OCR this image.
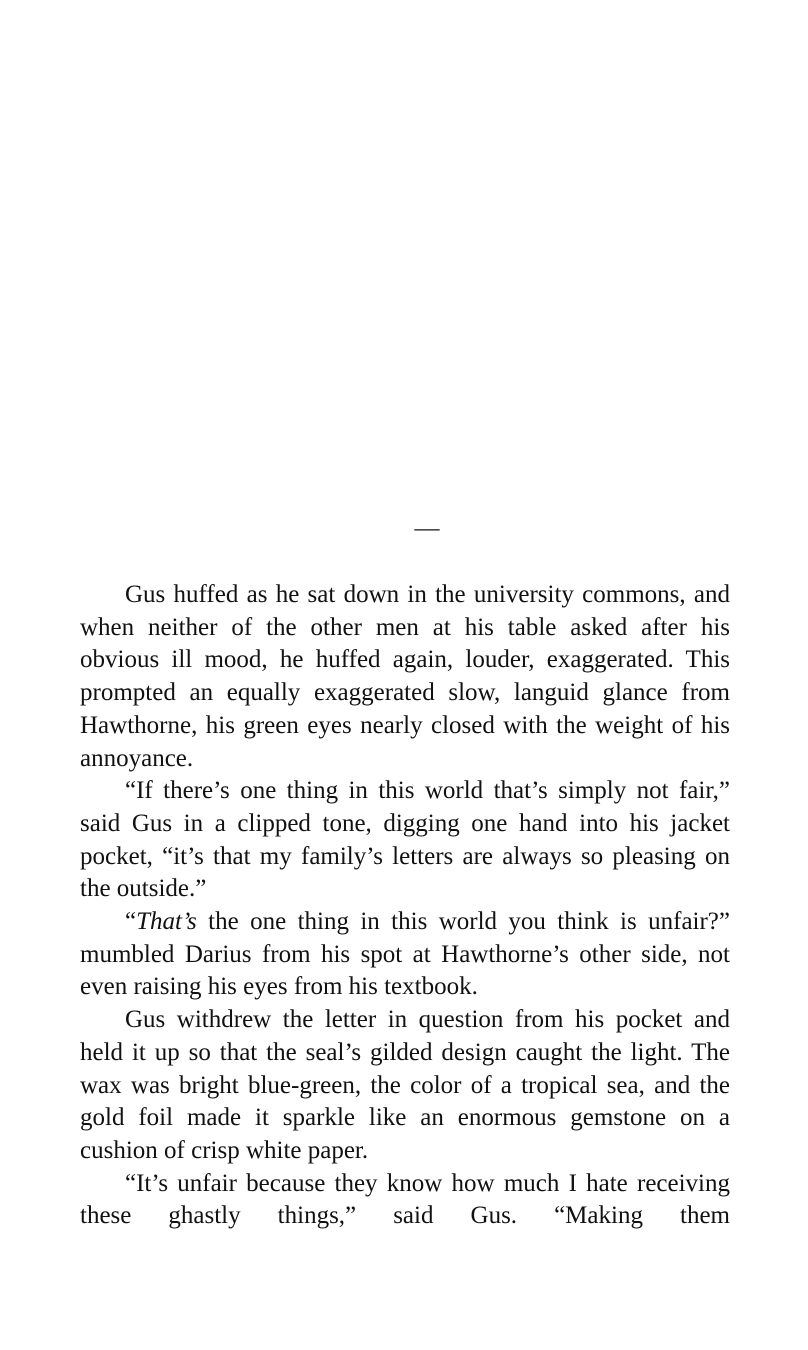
—

Gus huffed as he sat down in the university commons, and when neither of the other men at his table asked after his obvious ill mood, he huffed again, louder, exaggerated. This prompted an equally exaggerated slow, languid glance from Hawthorne, his green eyes nearly closed with the weight of his annoyance.

“If there’s one thing in this world that’s simply not fair,” said Gus in a clipped tone, digging one hand into his jacket pocket, “it’s that my family’s letters are always so pleasing on the outside.”

“That’s the one thing in this world you think is unfair?” mumbled Darius from his spot at Hawthorne’s other side, not even raising his eyes from his textbook.

Gus withdrew the letter in question from his pocket and held it up so that the seal’s gilded design caught the light. The wax was bright blue-green, the color of a tropical sea, and the gold foil made it sparkle like an enormous gemstone on a cushion of crisp white paper.

“It’s unfair because they know how much I hate receiving these ghastly things,” said Gus. “Making them
